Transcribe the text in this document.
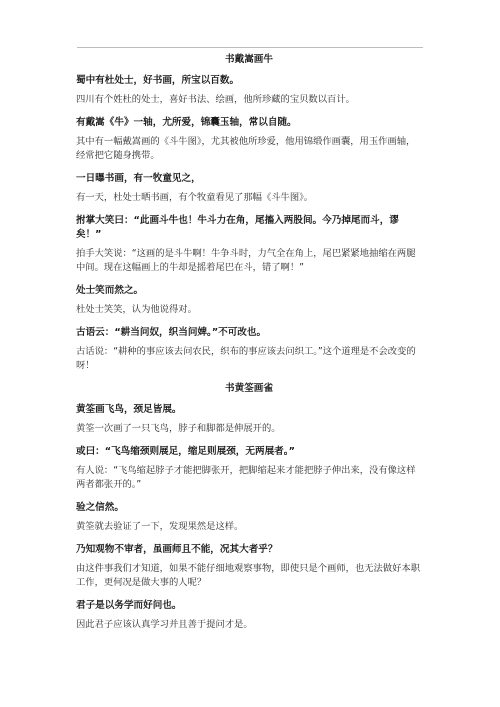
书戴嵩画牛
蜀中有杜处士，好书画，所宝以百数。
四川有个姓杜的处士，喜好书法、绘画，他所珍藏的宝贝数以百计。
有戴嵩《牛》一轴，尤所爱，锦囊玉轴，常以自随。
其中有一幅戴嵩画的《斗牛图》，尤其被他所珍爱，他用锦缎作画囊，用玉作画轴，经常把它随身携带。
一日曝书画，有一牧童见之，
有一天，杜处士晒书画，有个牧童看见了那幅《斗牛图》。
拊掌大笑曰：“此画斗牛也！牛斗力在角，尾搐入两股间。今乃掉尾而斗，谬矣！”
拍手大笑说：“这画的是斗牛啊！牛争斗时，力气全在角上，尾巴紧紧地抽缩在两腿中间。现在这幅画上的牛却是摇着尾巴在斗，错了啊！”
处士笑而然之。
杜处士笑笑，认为他说得对。
古语云：“耕当问奴，织当问婢。”不可改也。
古话说：“耕种的事应该去问农民，织布的事应该去问织工。”这个道理是不会改变的呀！
书黄筌画雀
黄筌画飞鸟，颈足皆展。
黄筌一次画了一只飞鸟，脖子和脚都是伸展开的。
或曰：“飞鸟缩颈则展足，缩足则展颈，无两展者。”
有人说：“飞鸟缩起脖子才能把脚张开，把脚缩起来才能把脖子伸出来，没有像这样两者都张开的。”
验之信然。
黄筌就去验证了一下，发现果然是这样。
乃知观物不审者，虽画师且不能，况其大者乎？
由这件事我们才知道，如果不能仔细地观察事物，即使只是个画师，也无法做好本职工作，更何况是做大事的人呢？
君子是以务学而好问也。
因此君子应该认真学习并且善于提问才是。
